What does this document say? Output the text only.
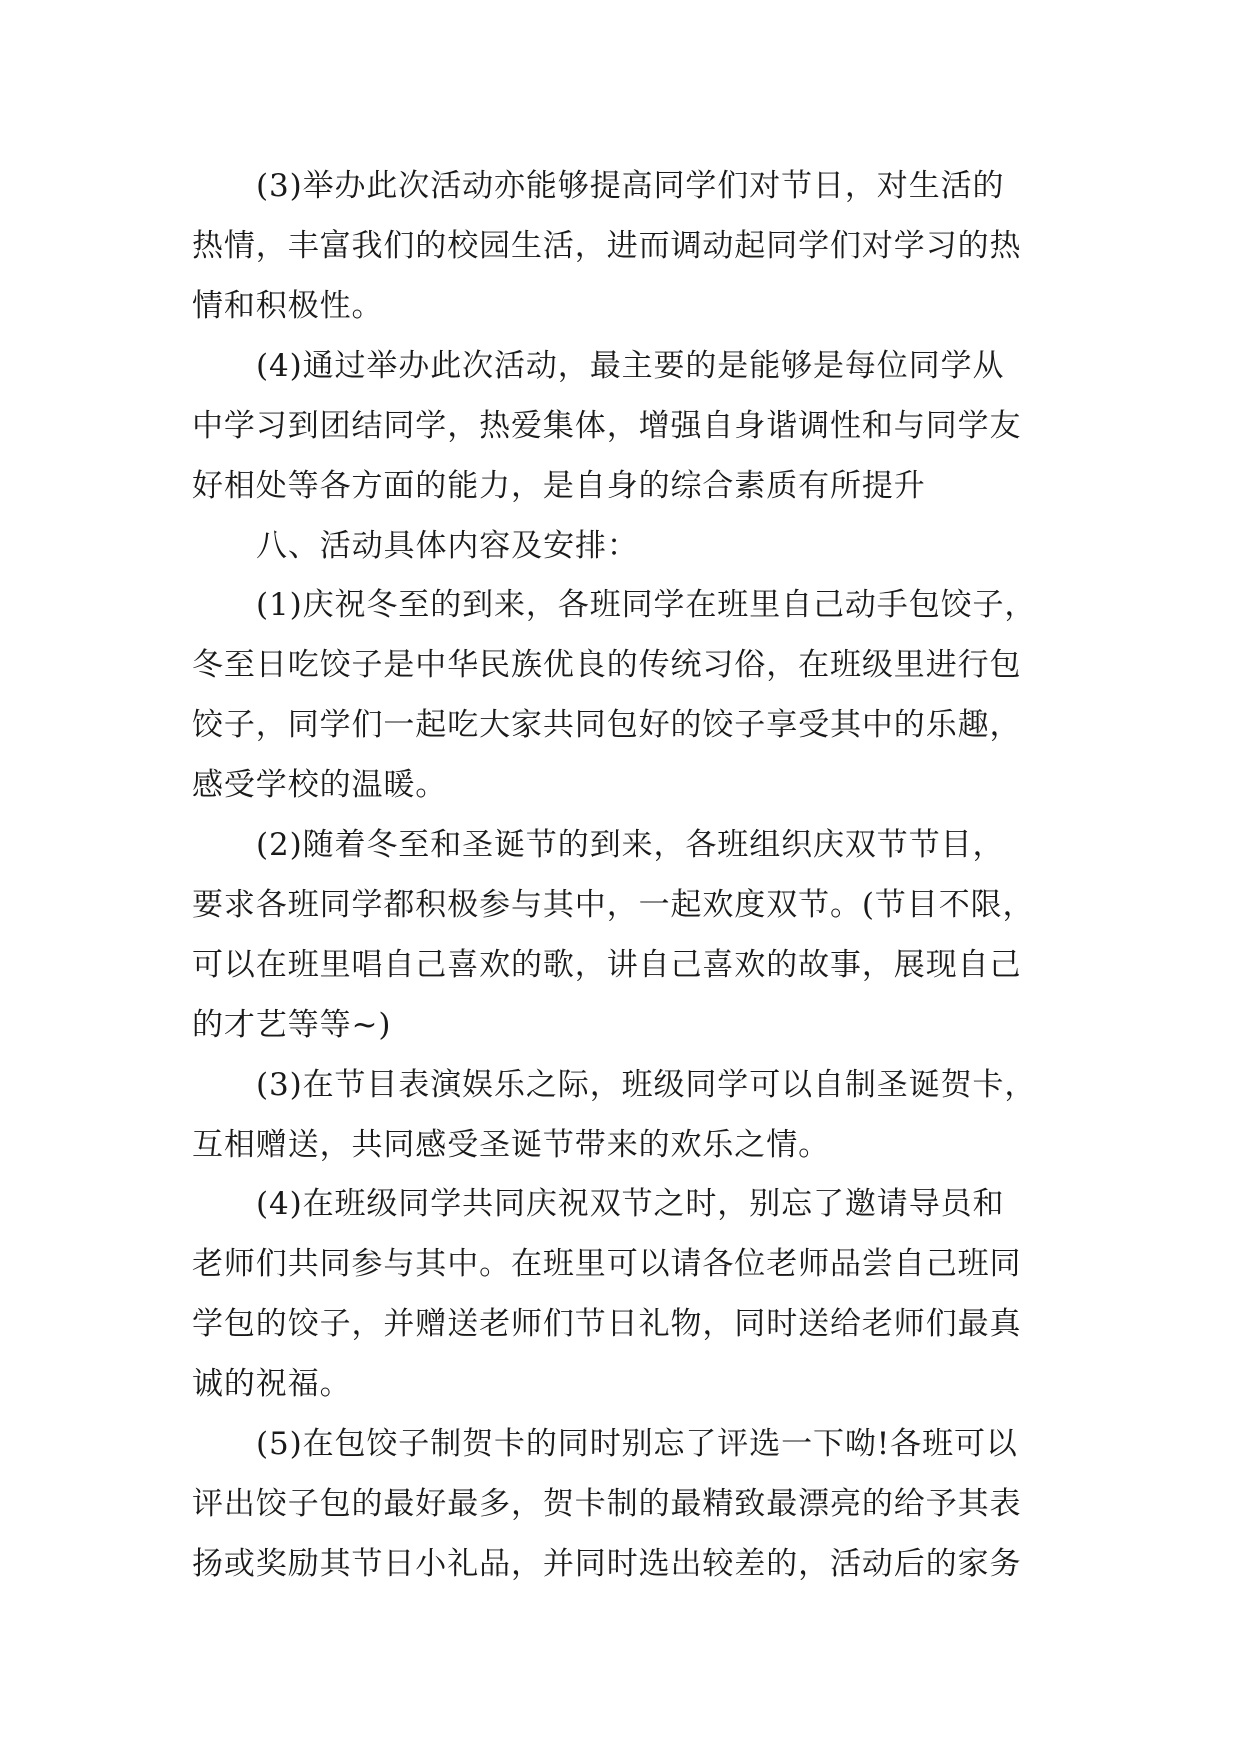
(3)举办此次活动亦能够提高同学们对节日，对生活的
热情，丰富我们的校园生活，进而调动起同学们对学习的热
情和积极性。
(4)通过举办此次活动，最主要的是能够是每位同学从
中学习到团结同学，热爱集体，增强自身谐调性和与同学友
好相处等各方面的能力，是自身的综合素质有所提升
八、活动具体内容及安排：
(1)庆祝冬至的到来，各班同学在班里自己动手包饺子，
冬至日吃饺子是中华民族优良的传统习俗，在班级里进行包
饺子，同学们一起吃大家共同包好的饺子享受其中的乐趣，
感受学校的温暖。
(2)随着冬至和圣诞节的到来，各班组织庆双节节目，
要求各班同学都积极参与其中，一起欢度双节。(节目不限，
可以在班里唱自己喜欢的歌，讲自己喜欢的故事，展现自己
的才艺等等~)
(3)在节目表演娱乐之际，班级同学可以自制圣诞贺卡，
互相赠送，共同感受圣诞节带来的欢乐之情。
(4)在班级同学共同庆祝双节之时，别忘了邀请导员和
老师们共同参与其中。在班里可以请各位老师品尝自己班同
学包的饺子，并赠送老师们节日礼物，同时送给老师们最真
诚的祝福。
(5)在包饺子制贺卡的同时别忘了评选一下呦!各班可以
评出饺子包的最好最多，贺卡制的最精致最漂亮的给予其表
扬或奖励其节日小礼品，并同时选出较差的，活动后的家务
